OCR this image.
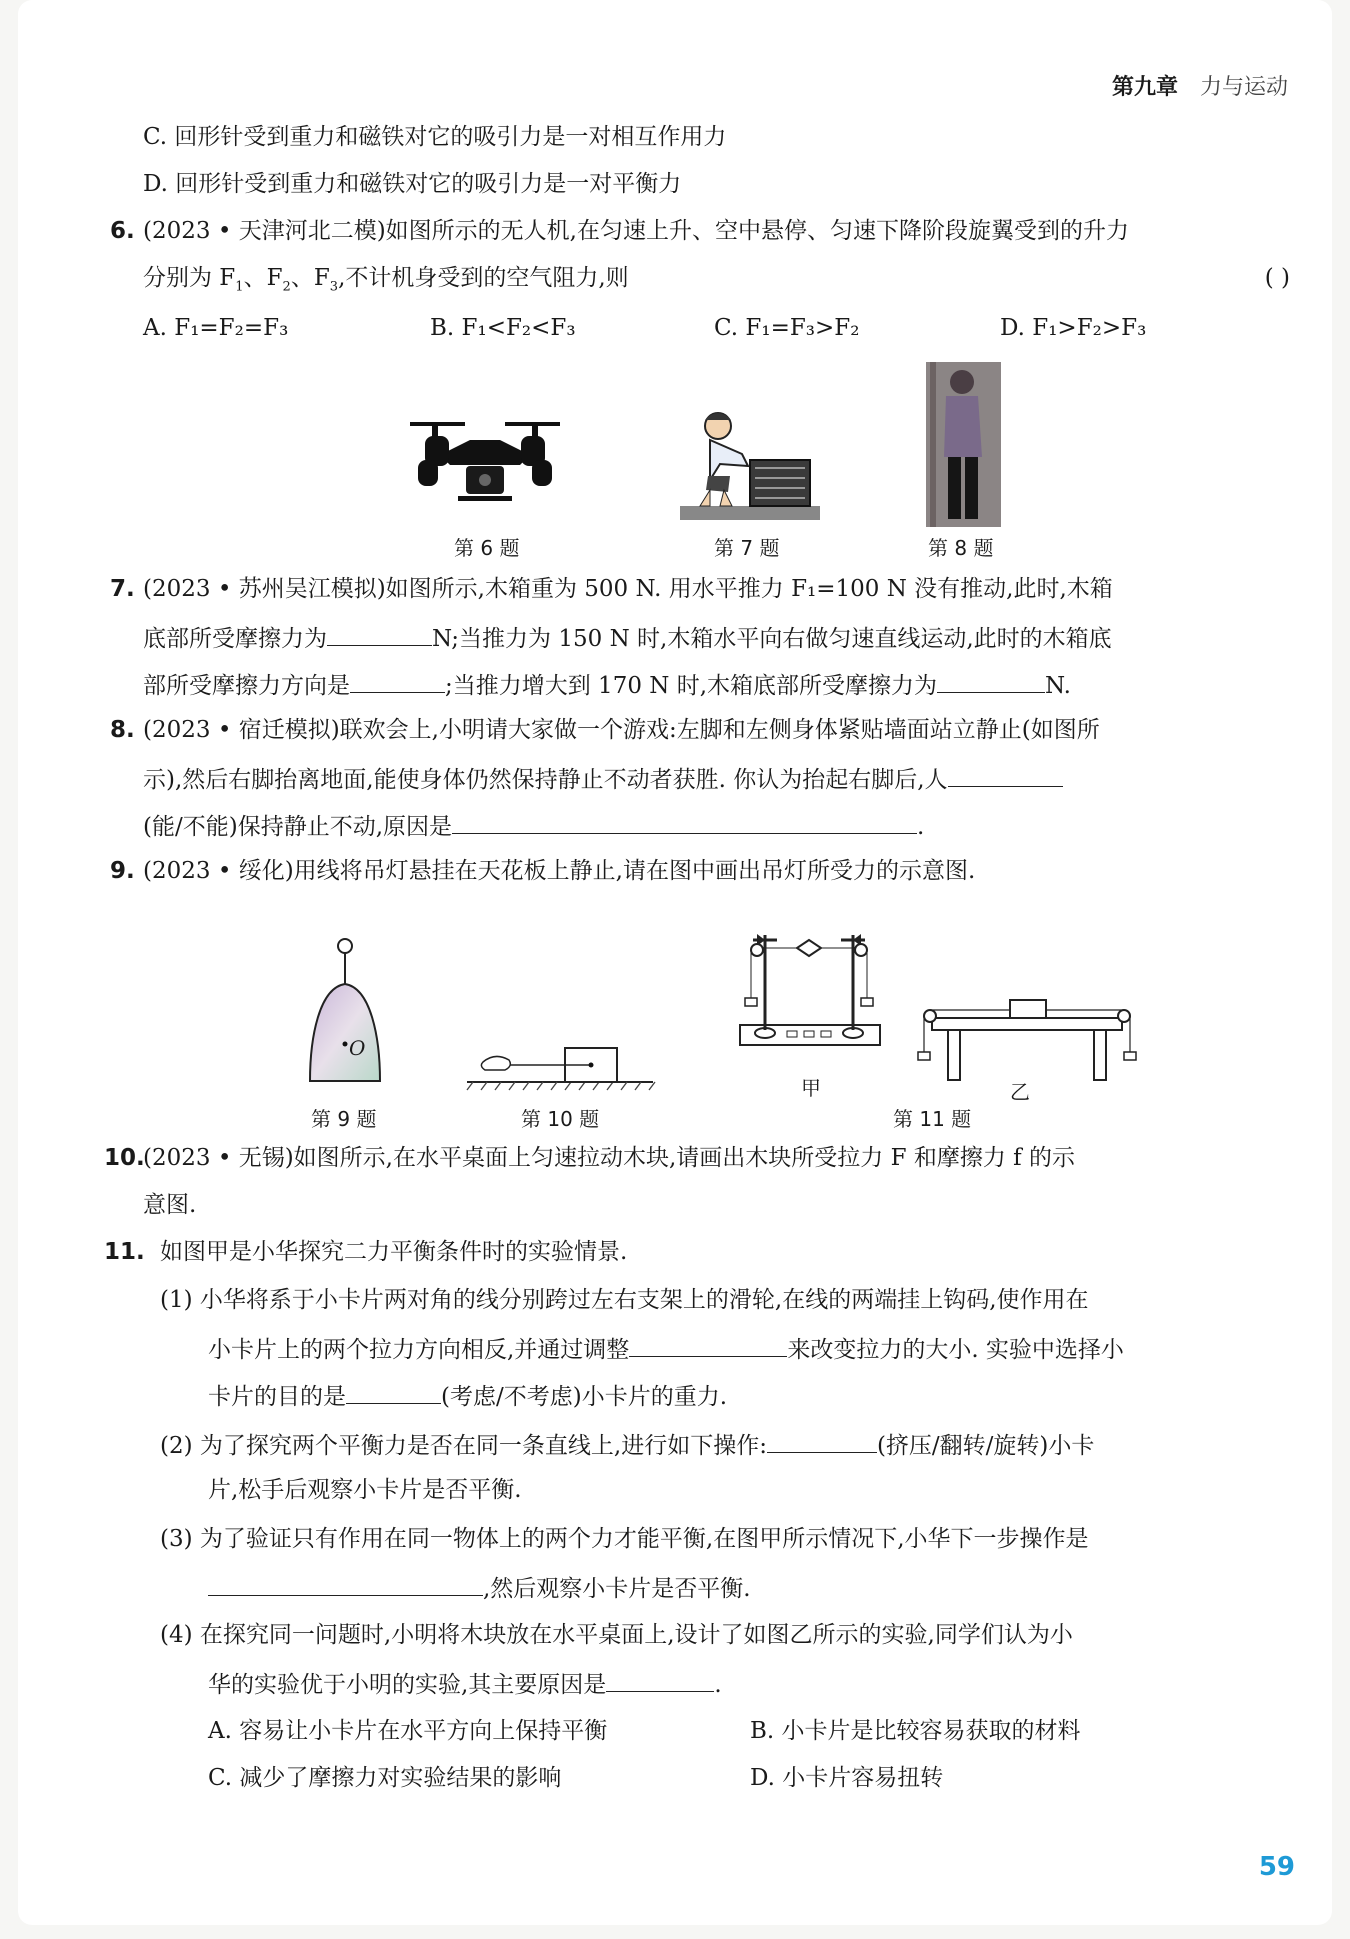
第九章 力与运动
C. 回形针受到重力和磁铁对它的吸引力是一对相互作用力
D. 回形针受到重力和磁铁对它的吸引力是一对平衡力
6. (2023 • 天津河北二模)如图所示的无人机,在匀速上升、空中悬停、匀速下降阶段旋翼受到的升力
分别为 $F_1$、$F_2$、$F_3$,不计机身受到的空气阻力,则	( )
A. F₁=F₂=F₃	B. F₁<F₂<F₃	C. F₁=F₃>F₂	D. F₁>F₂>F₃
第 6 题	第 7 题	第 8 题
7. (2023 • 苏州吴江模拟)如图所示,木箱重为 500 N. 用水平推力 F₁=100 N 没有推动,此时,木箱
底部所受摩擦力为	N;当推力为 150 N 时,木箱水平向右做匀速直线运动,此时的木箱底
部所受摩擦力方向是	;当推力增大到 170 N 时,木箱底部所受摩擦力为	N.
8. (2023 • 宿迁模拟)联欢会上,小明请大家做一个游戏:左脚和左侧身体紧贴墙面站立静止(如图所
示),然后右脚抬离地面,能使身体仍然保持静止不动者获胜. 你认为抬起右脚后,人
(能/不能)保持静止不动,原因是	.
9. (2023 • 绥化)用线将吊灯悬挂在天花板上静止,请在图中画出吊灯所受力的示意图.
O
第 9 题	第 10 题
甲
第 11 题
乙
10.
(2023 • 无锡)如图所示,在水平桌面上匀速拉动木块,请画出木块所受拉力 F 和摩擦力 f 的示
意图.
11. 如图甲是小华探究二力平衡条件时的实验情景.
(1) 小华将系于小卡片两对角的线分别跨过左右支架上的滑轮,在线的两端挂上钩码,使作用在
小卡片上的两个拉力方向相反,并通过调整	来改变拉力的大小. 实验中选择小
卡片的目的是	(考虑/不考虑)小卡片的重力.
(2) 为了探究两个平衡力是否在同一条直线上,进行如下操作:	(挤压/翻转/旋转)小卡
片,松手后观察小卡片是否平衡.
(3) 为了验证只有作用在同一物体上的两个力才能平衡,在图甲所示情况下,小华下一步操作是
,然后观察小卡片是否平衡.
(4) 在探究同一问题时,小明将木块放在水平桌面上,设计了如图乙所示的实验,同学们认为小
华的实验优于小明的实验,其主要原因是	.
A. 容易让小卡片在水平方向上保持平衡	B. 小卡片是比较容易获取的材料
C. 减少了摩擦力对实验结果的影响	D. 小卡片容易扭转
59
